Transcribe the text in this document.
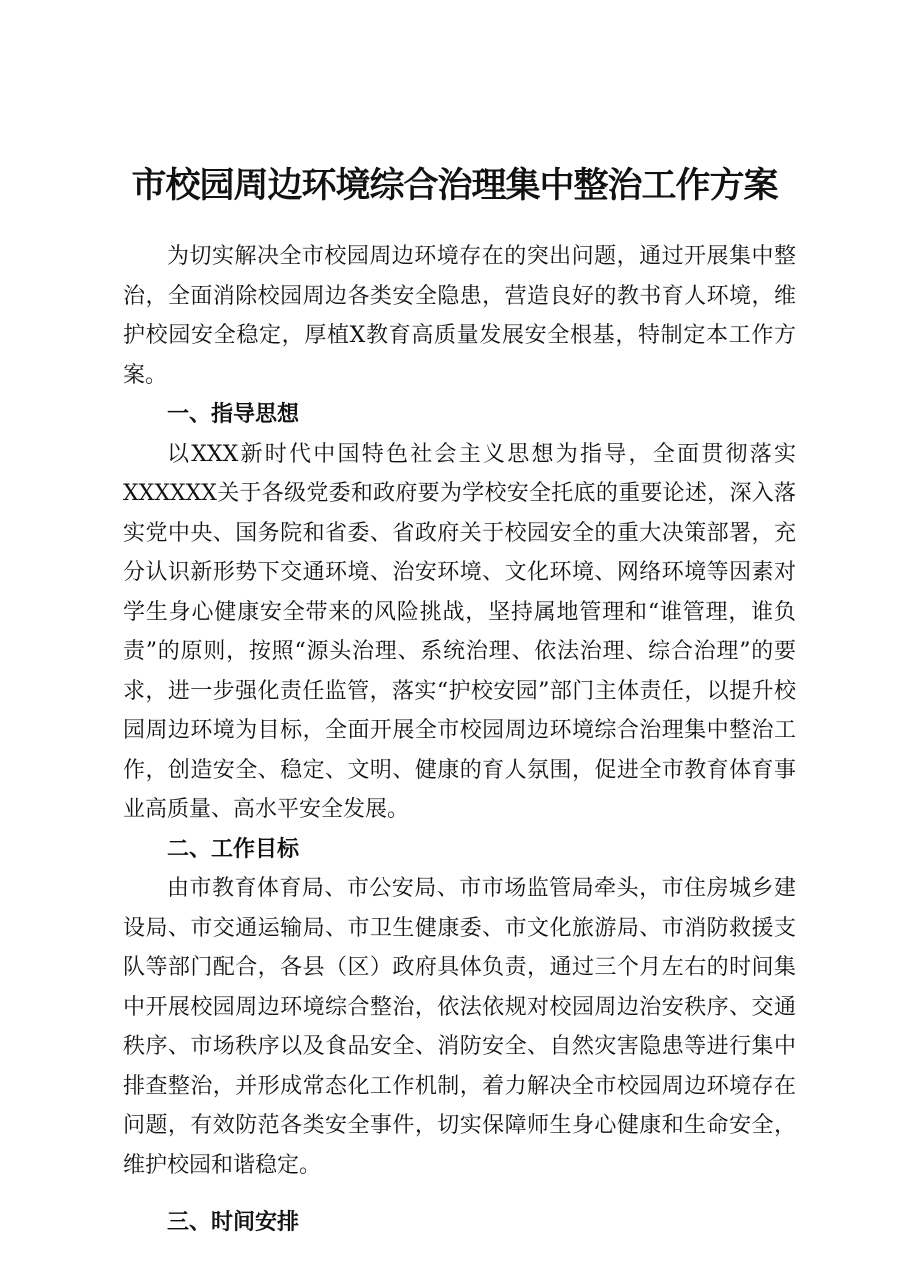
市校园周边环境综合治理集中整治工作方案

为切实解决全市校园周边环境存在的突出问题，通过开展集中整治，全面消除校园周边各类安全隐患，营造良好的教书育人环境，维护校园安全稳定，厚植X教育高质量发展安全根基，特制定本工作方案。

一、指导思想

以XXX新时代中国特色社会主义思想为指导，全面贯彻落实XXXXXX关于各级党委和政府要为学校安全托底的重要论述，深入落实党中央、国务院和省委、省政府关于校园安全的重大决策部署，充分认识新形势下交通环境、治安环境、文化环境、网络环境等因素对学生身心健康安全带来的风险挑战，坚持属地管理和“谁管理，谁负责”的原则，按照“源头治理、系统治理、依法治理、综合治理”的要求，进一步强化责任监管，落实“护校安园”部门主体责任，以提升校园周边环境为目标，全面开展全市校园周边环境综合治理集中整治工作，创造安全、稳定、文明、健康的育人氛围，促进全市教育体育事业高质量、高水平安全发展。

二、工作目标

由市教育体育局、市公安局、市市场监管局牵头，市住房城乡建设局、市交通运输局、市卫生健康委、市文化旅游局、市消防救援支队等部门配合，各县（区）政府具体负责，通过三个月左右的时间集中开展校园周边环境综合整治，依法依规对校园周边治安秩序、交通秩序、市场秩序以及食品安全、消防安全、自然灾害隐患等进行集中排查整治，并形成常态化工作机制，着力解决全市校园周边环境存在问题，有效防范各类安全事件，切实保障师生身心健康和生命安全，维护校园和谐稳定。

三、时间安排
